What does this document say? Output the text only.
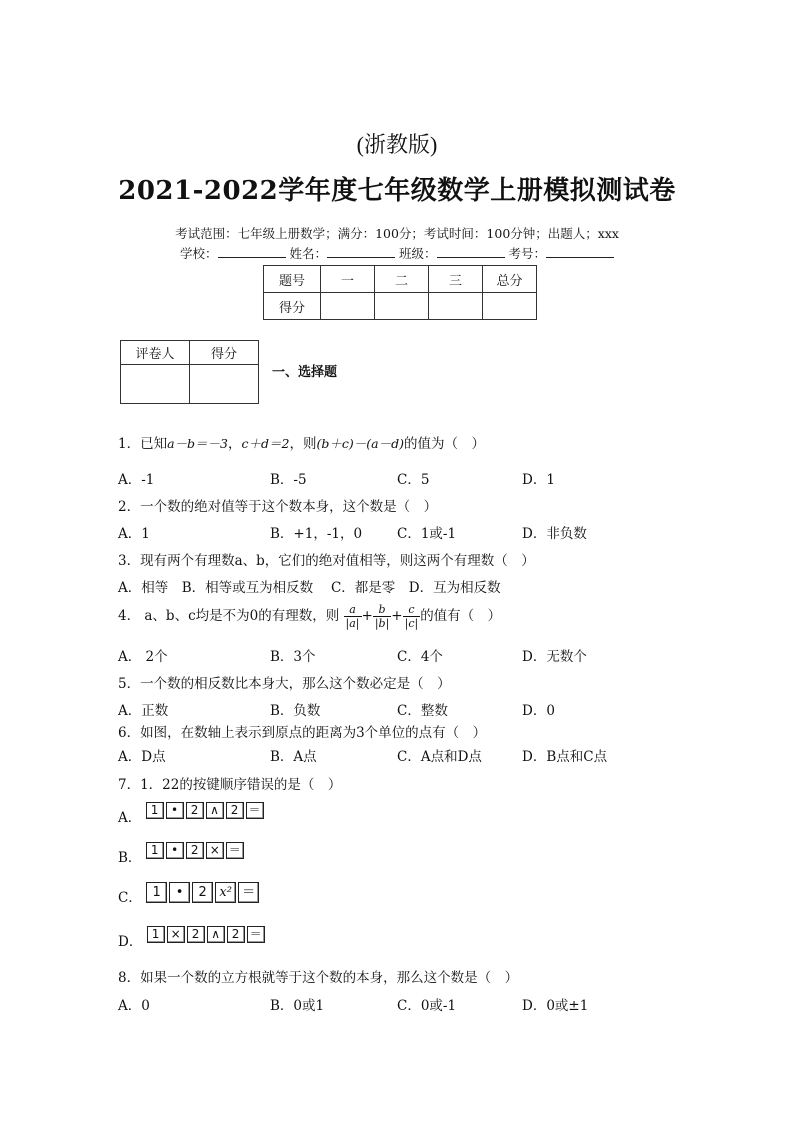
(浙教版)
2021-2022学年度七年级数学上册模拟测试卷
考试范围：七年级上册数学；满分：100分；考试时间：100分钟；出题人；xxx
学校：	姓名：	班级：	考号：
题号	一	二	三	总分
得分				
评卷人	得分

一、选择题
1．已知a－b＝－3，c＋d＝2，则(b＋c)－(a－d)的值为（　）
A．-1	B．-5	C．5	D．1
2．一个数的绝对值等于这个数本身，这个数是（　）
A．1	B．+1，-1，0	C．1或-1	D．非负数
3．现有两个有理数a、b，它们的绝对值相等，则这两个有理数（　）
A．相等　B．相等或互为相反数　 C．都是零　D．互为相反数
4． a、b、c均是不为0的有理数，则 $\frac{a}{|a|} + \frac{b}{|b|} + \frac{c}{|c|}$ 的值有（　）
A． 2个	B．3个	C．4个	D．无数个
5．一个数的相反数比本身大，那么这个数必定是（　）
A．正数	B．负数	C．整数	D．0
6．如图，在数轴上表示到原点的距离为3个单位的点有（　）
A．D点	B．A点	C．A点和D点	D．B点和C点
7．1．22的按键顺序错误的是（　）
A． 1 • 2 ∧ 2 ＝
B． 1 • 2 × ＝
C． 1 • 2 x² ＝
D． 1 × 2 ∧ 2 ＝
8．如果一个数的立方根就等于这个数的本身，那么这个数是（　）
A．0	B．0或1	C．0或-1	D．0或±1
